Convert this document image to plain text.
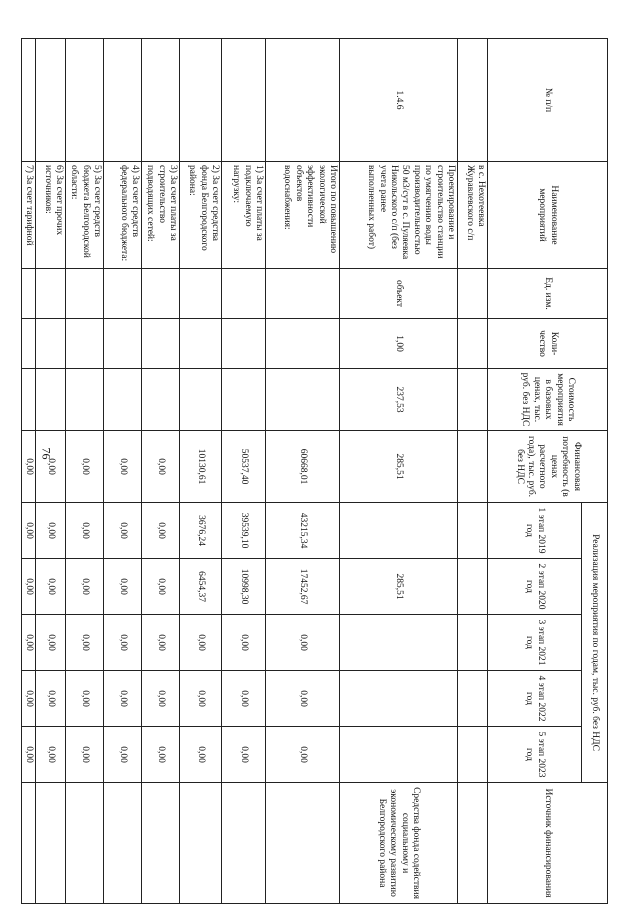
76
№ п/п	Наименование мероприятий	Ед. изм.	Коли-чество	Стоимость мероприятия в базовых ценах, тыс. руб. без НДС	Финансовая потребность (в ценах расчетного года), тыс. руб. без НДС	Реализация мероприятия по годам, тыс. руб. без НДС					Источник финансирования
						1 этап 2019 год	2 этап 2020 год	3 этап 2021 год	4 этап 2022 год	5 этап 2023 год	
	в с. Нехотеевка Журавлевского с/п										
1.4.6	Проектирование и строительство станции по умягчению воды производительностью 50 м3/сут в с. Пуляевка Никольского с/п (без учета ранее выполненных работ)	объект	1,00	237,53	285,51		285,51				Средства фонда содействия социальному и экономическому развитию Белгородского района
	Итого по повышению экологической эффективности объектов водоснабжения:				60668,01	43215,34	17452,67	0,00	0,00	0,00	
	1) За счет платы за подключаемую нагрузку:				50537,40	39539,10	10998,30	0,00	0,00	0,00	
	2) За счет средства фонда Белгородского района:				10130,61	3676,24	6454,37	0,00	0,00	0,00	
	3) За счет платы за строительство подводящих сетей:				0,00	0,00	0,00	0,00	0,00	0,00	
	4) За счет средств федерального бюджета:				0,00	0,00	0,00	0,00	0,00	0,00	
	5) За счет средств бюджета Белгородской области:				0,00	0,00	0,00	0,00	0,00	0,00	
	6) За счет прочих источников:				0,00	0,00	0,00	0,00	0,00	0,00	
	7) За счет тарифной				0,00	0,00	0,00	0,00	0,00	0,00	
